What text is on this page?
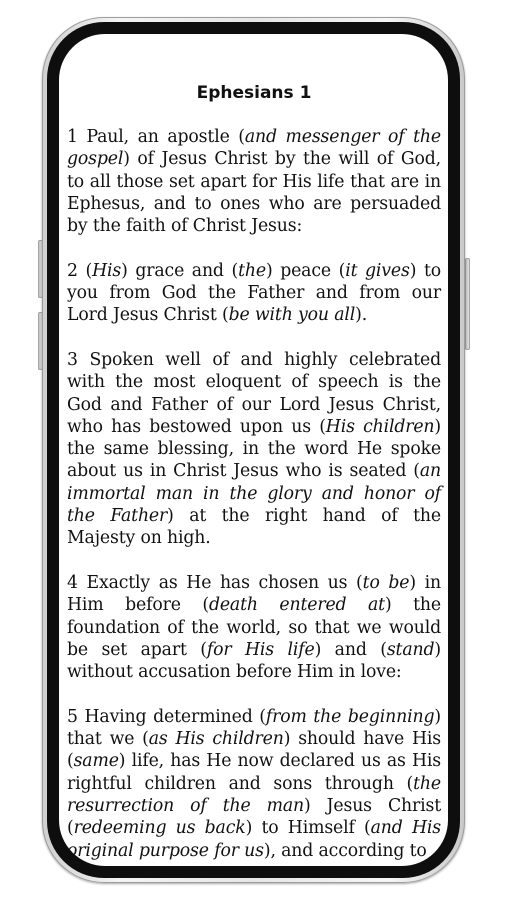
Ephesians 1

1 Paul, an apostle (and messenger of the gospel) of Jesus Christ by the will of God, to all those set apart for His life that are in Ephesus, and to ones who are persuaded by the faith of Christ Jesus:

2 (His) grace and (the) peace (it gives) to you from God the Father and from our Lord Jesus Christ (be with you all).

3 Spoken well of and highly celebrated with the most eloquent of speech is the God and Father of our Lord Jesus Christ, who has bestowed upon us (His children) the same blessing, in the word He spoke about us in Christ Jesus who is seated (an immortal man in the glory and honor of the Father) at the right hand of the Majesty on high.

4 Exactly as He has chosen us (to be) in Him before (death entered at) the foundation of the world, so that we would be set apart (for His life) and (stand) without accusation before Him in love:

5 Having determined (from the beginning) that we (as His children) should have His (same) life, has He now declared us as His rightful children and sons through (the resurrection of the man) Jesus Christ (redeeming us back) to Himself (and His original purpose for us), and according to
